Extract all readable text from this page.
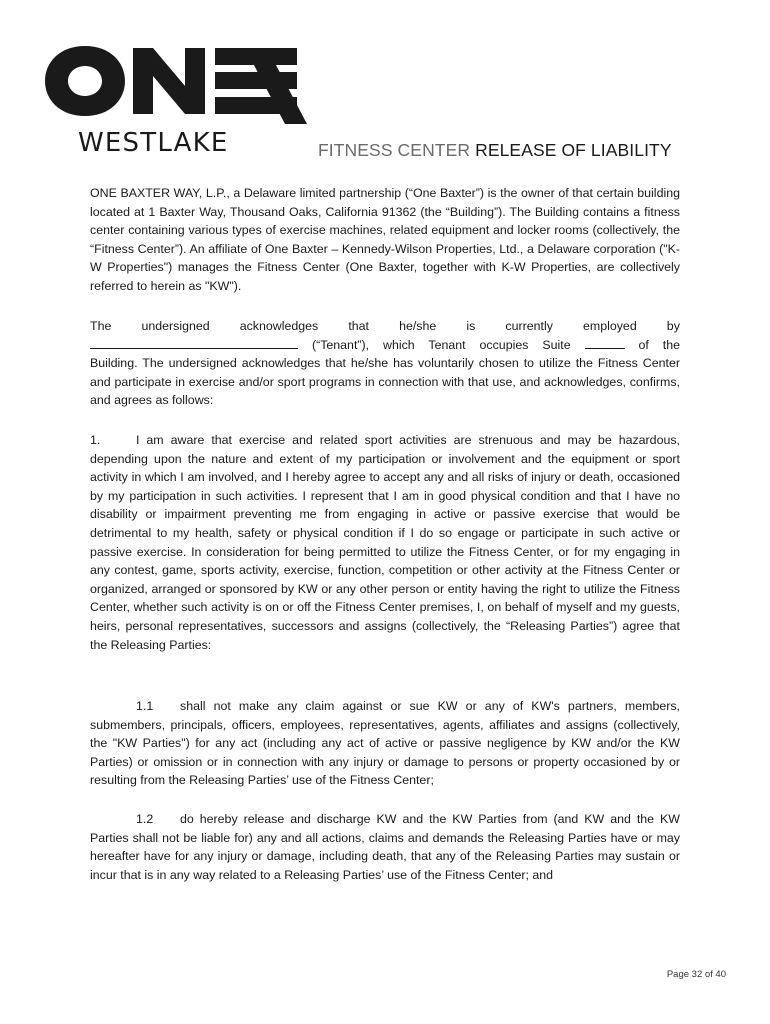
WESTLAKE	FITNESS CENTER RELEASE OF LIABILITY
ONE BAXTER WAY, L.P., a Delaware limited partnership (“One Baxter”) is the owner of that certain building located at 1 Baxter Way, Thousand Oaks, California 91362 (the “Building”). The Building contains a fitness center containing various types of exercise machines, related equipment and locker rooms (collectively, the “Fitness Center”). An affiliate of One Baxter – Kennedy-Wilson Properties, Ltd., a Delaware corporation ("K-W Properties") manages the Fitness Center (One Baxter, together with K-W Properties, are collectively referred to herein as "KW").
The undersigned acknowledges that he/she is currently employed by
(“Tenant”), which Tenant occupies Suite	of the
Building. The undersigned acknowledges that he/she has voluntarily chosen to utilize the Fitness Center and participate in exercise and/or sport programs in connection with that use, and acknowledges, confirms, and agrees as follows:
1.	I am aware that exercise and related sport activities are strenuous and may be hazardous, depending upon the nature and extent of my participation or involvement and the equipment or sport activity in which I am involved, and I hereby agree to accept any and all risks of injury or death, occasioned by my participation in such activities. I represent that I am in good physical condition and that I have no disability or impairment preventing me from engaging in active or passive exercise that would be detrimental to my health, safety or physical condition if I do so engage or participate in such active or passive exercise. In consideration for being permitted to utilize the Fitness Center, or for my engaging in any contest, game, sports activity, exercise, function, competition or other activity at the Fitness Center or organized, arranged or sponsored by KW or any other person or entity having the right to utilize the Fitness Center, whether such activity is on or off the Fitness Center premises, I, on behalf of myself and my guests, heirs, personal representatives, successors and assigns (collectively, the “Releasing Parties”) agree that the Releasing Parties:
1.1 shall not make any claim against or sue KW or any of KW's partners, members, submembers, principals, officers, employees, representatives, agents, affiliates and assigns (collectively, the "KW Parties") for any act (including any act of active or passive negligence by KW and/or the KW Parties) or omission or in connection with any injury or damage to persons or property occasioned by or resulting from the Releasing Parties’ use of the Fitness Center;
1.2 do hereby release and discharge KW and the KW Parties from (and KW and the KW Parties shall not be liable for) any and all actions, claims and demands the Releasing Parties have or may hereafter have for any injury or damage, including death, that any of the Releasing Parties may sustain or incur that is in any way related to a Releasing Parties’ use of the Fitness Center; and
Page 32 of 40
